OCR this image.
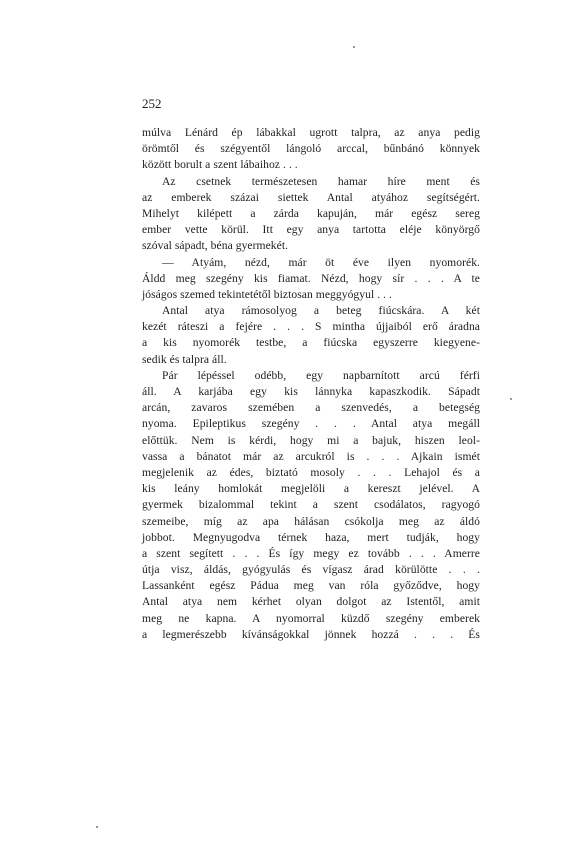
252
múlva Lénárd ép lábakkal ugrott talpra, az anya pedig
örömtől és szégyentől lángoló arccal, bűnbánó könnyek
között borult a szent lábaihoz . . .
Az csetnek természetesen hamar híre ment és
az emberek százai siettek Antal atyához segítségért.
Mihelyt kilépett a zárda kapuján, már egész sereg
ember vette körül. Itt egy anya tartotta eléje könyörgő
szóval sápadt, béna gyermekét.
— Atyám, nézd, már öt éve ilyen nyomorék.
Áldd meg szegény kis fiamat. Nézd, hogy sír . . . A te
jóságos szemed tekintetétől biztosan meggyógyul . . .
Antal atya rámosolyog a beteg fiúcskára. A két
kezét ráteszi a fejére . . . S mintha újjaiból erő áradna
a kis nyomorék testbe, a fiúcska egyszerre kiegyene-
sedik és talpra áll.
Pár lépéssel odébb, egy napbarnított arcú férfi
áll. A karjába egy kis lánnyka kapaszkodik. Sápadt
arcán, zavaros szemében a szenvedés, a betegség
nyoma. Epileptikus szegény . . . Antal atya megáll
előttük. Nem is kérdi, hogy mi a bajuk, hiszen leol-
vassa a bánatot már az arcukról is . . . Ajkain ismét
megjelenik az édes, biztató mosoly . . . Lehajol és a
kis leány homlokát megjelöli a kereszt jelével. A
gyermek bizalommal tekint a szent csodálatos, ragyogó
szemeibe, míg az apa hálásan csókolja meg az áldó
jobbot. Megnyugodva térnek haza, mert tudják, hogy
a szent segített . . . És így megy ez tovább . . . Amerre
útja visz, áldás, gyógyulás és vígasz árad körülötte . . .
Lassanként egész Pádua meg van róla győződve, hogy
Antal atya nem kérhet olyan dolgot az Istentől, amit
meg ne kapna. A nyomorral küzdő szegény emberek
a legmerészebb kívánságokkal jönnek hozzá . . . És
